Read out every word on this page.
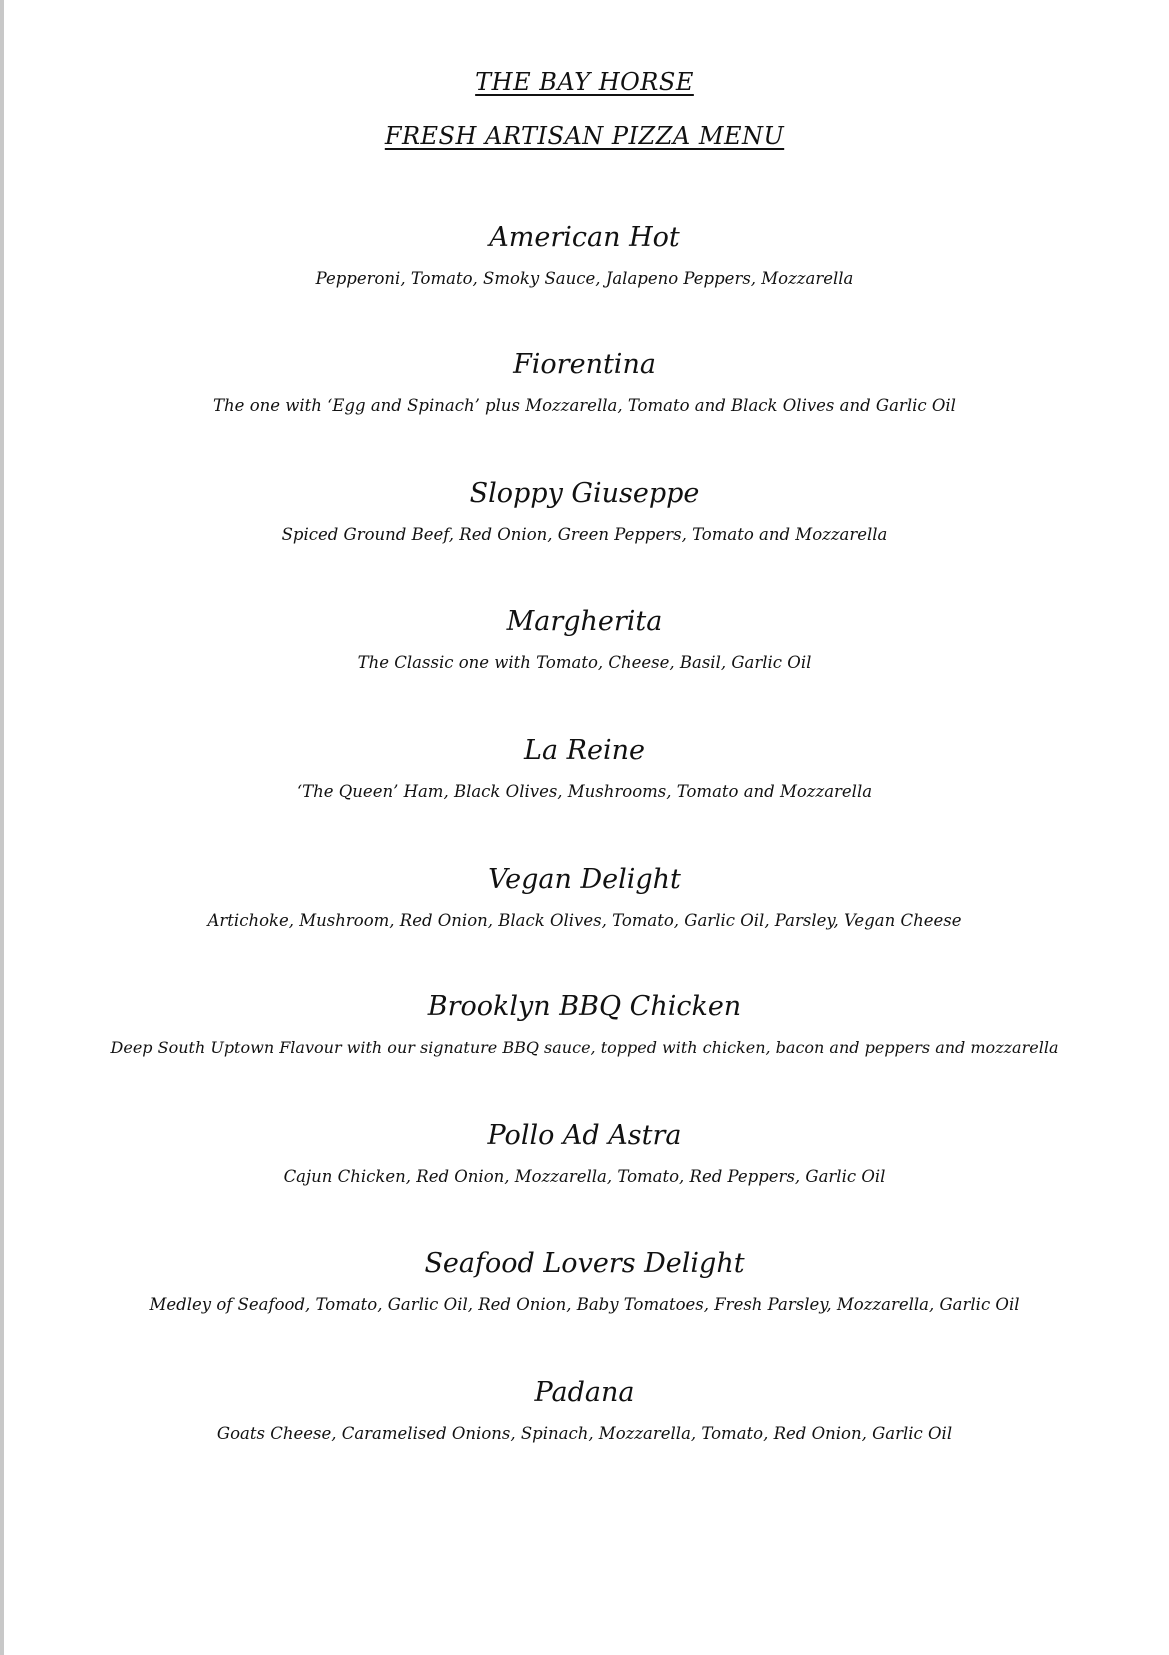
THE BAY HORSE
FRESH ARTISAN PIZZA MENU
American Hot
Pepperoni, Tomato, Smoky Sauce, Jalapeno Peppers, Mozzarella
Fiorentina
The one with ‘Egg and Spinach’ plus Mozzarella, Tomato and Black Olives and Garlic Oil
Sloppy Giuseppe
Spiced Ground Beef, Red Onion, Green Peppers, Tomato and Mozzarella
Margherita
The Classic one with Tomato, Cheese, Basil, Garlic Oil
La Reine
‘The Queen’ Ham, Black Olives, Mushrooms, Tomato and Mozzarella
Vegan Delight
Artichoke, Mushroom, Red Onion, Black Olives, Tomato, Garlic Oil, Parsley, Vegan Cheese
Brooklyn BBQ Chicken
Deep South Uptown Flavour with our signature BBQ sauce, topped with chicken, bacon and peppers and mozzarella
Pollo Ad Astra
Cajun Chicken, Red Onion, Mozzarella, Tomato, Red Peppers, Garlic Oil
Seafood Lovers Delight
Medley of Seafood, Tomato, Garlic Oil, Red Onion, Baby Tomatoes, Fresh Parsley, Mozzarella, Garlic Oil
Padana
Goats Cheese, Caramelised Onions, Spinach, Mozzarella, Tomato, Red Onion, Garlic Oil
